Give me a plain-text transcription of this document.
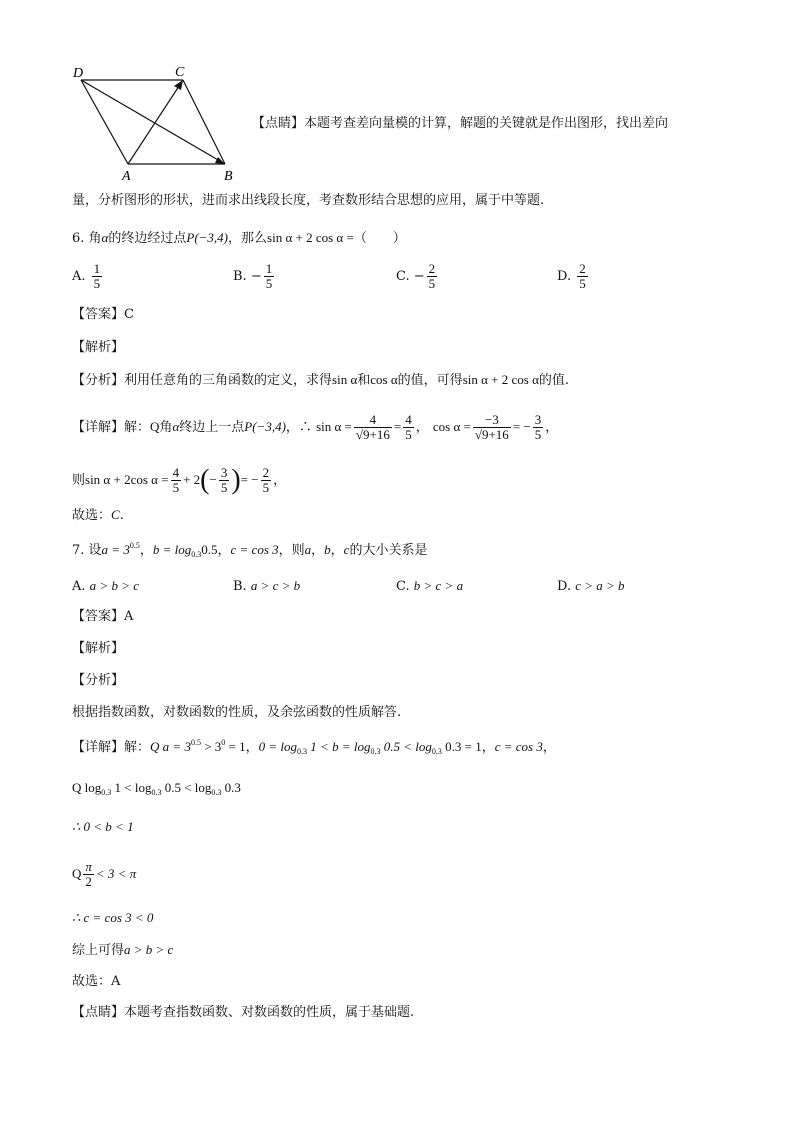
D	C
A	B
【点睛】本题考查差向量模的计算，解题的关键就是作出图形，找出差向
量，分析图形的形状，进而求出线段长度，考查数形结合思想的应用，属于中等题.
6. 角α的终边经过点P(−3,4)，那么sin α + 2 cos α =（　　）
A. $\frac{1}{5}$	B. − $\frac{1}{5}$	C. − $\frac{2}{5}$	D. $\frac{2}{5}$
【答案】C
【解析】
【分析】利用任意角的三角函数的定义，求得sin α和cos α的值，可得sin α + 2 cos α的值.
【详解】解：Q角α终边上一点P(−3,4)，∴ $\sin \alpha = \frac{4}{√9+16} = \frac{4}{5}$ ， $\cos \alpha = \frac{-3}{√9+16}$ = − $\frac{3}{5}$ ，
则sin α + 2cos $\alpha = \frac{4}{5} + 2(- \frac{3}{5}$ )= − $\frac{2}{5}$ ，
故选：C.
7. 设$a = 3^{0.5}$，$b = \log_{0.3}0.5$，c = cos 3，则a，b，c的大小关系是
A. a > b > c	B. a > c > b	C. b > c > a	D. c > a > b
【答案】A
【解析】
【分析】
根据指数函数，对数函数的性质，及余弦函数的性质解答.
【详解】解：Q $a = 3^{0.5} > 3^0 = 1$，$0 = \log_{0.3} 1 < b = \log_{0.3} 0.5 < \log_{0.3} 0.3 = 1$，c = cos 3，
Q $\log_{0.3} 1 < \log_{0.3} 0.5 < \log_{0.3} 0.3$
∴ 0 < b < 1
Q $\frac{\pi}{2} < 3 < \pi$
∴ c = cos 3 < 0
综上可得a > b > c
故选：A
【点睛】本题考查指数函数、对数函数的性质，属于基础题.
